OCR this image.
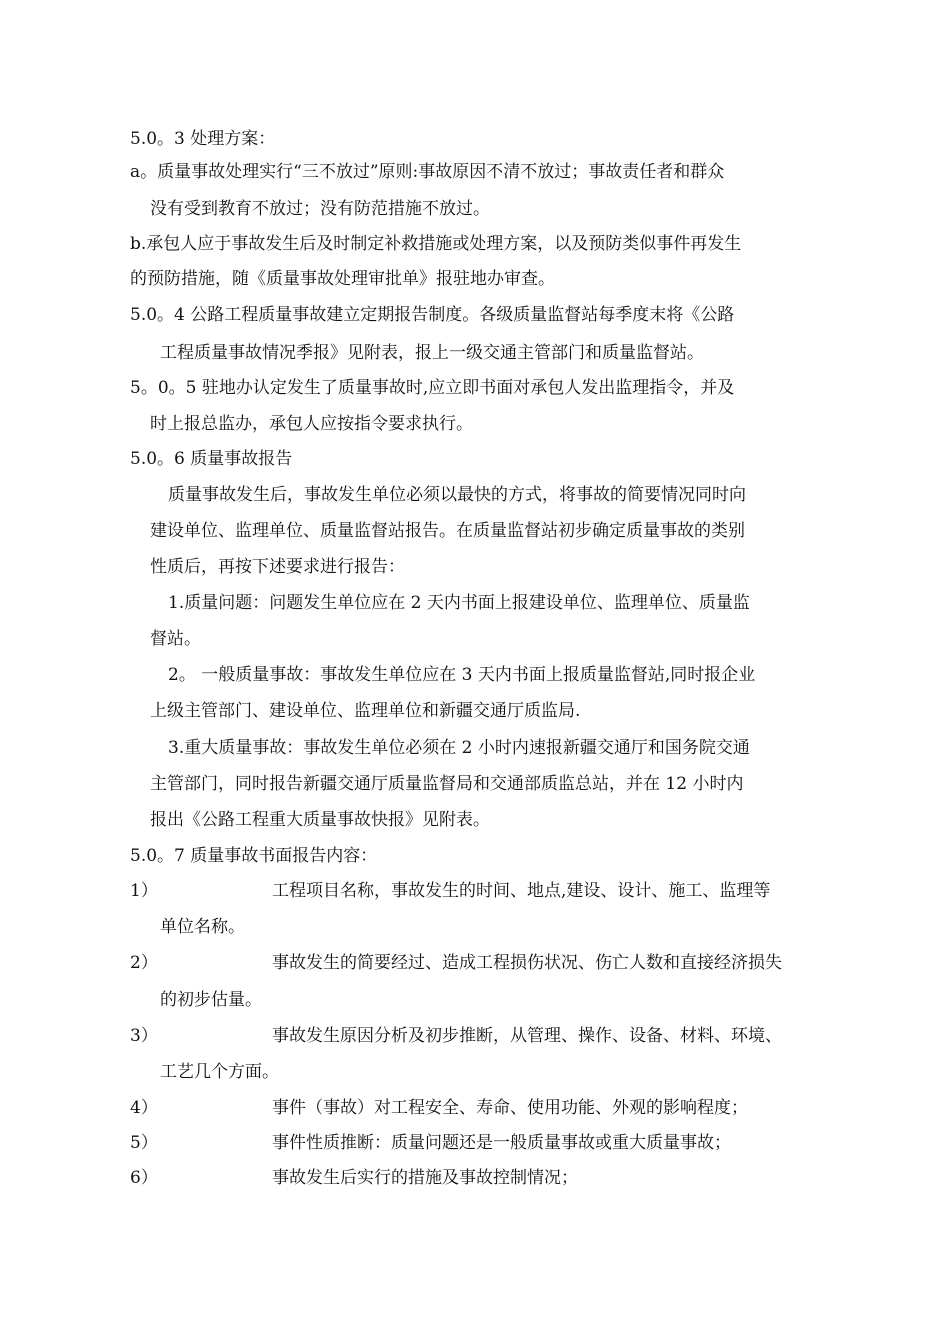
5.0。3 处理方案：
a。质量事故处理实行“三不放过”原则:事故原因不清不放过；事故责任者和群众
没有受到教育不放过；没有防范措施不放过。
b.承包人应于事故发生后及时制定补救措施或处理方案，以及预防类似事件再发生
的预防措施，随《质量事故处理审批单》报驻地办审查。
5.0。4 公路工程质量事故建立定期报告制度。各级质量监督站每季度末将《公路
工程质量事故情况季报》见附表，报上一级交通主管部门和质量监督站。
5。0。5 驻地办认定发生了质量事故时,应立即书面对承包人发出监理指令，并及
时上报总监办，承包人应按指令要求执行。
5.0。6 质量事故报告
质量事故发生后，事故发生单位必须以最快的方式，将事故的简要情况同时向
建设单位、监理单位、质量监督站报告。在质量监督站初步确定质量事故的类别
性质后，再按下述要求进行报告：
1.质量问题：问题发生单位应在 2 天内书面上报建设单位、监理单位、质量监
督站。
2。 一般质量事故：事故发生单位应在 3 天内书面上报质量监督站,同时报企业
上级主管部门、建设单位、监理单位和新疆交通厅质监局.
3.重大质量事故：事故发生单位必须在 2 小时内速报新疆交通厅和国务院交通
主管部门，同时报告新疆交通厅质量监督局和交通部质监总站，并在 12 小时内
报出《公路工程重大质量事故快报》见附表。
5.0。7 质量事故书面报告内容：
1）	工程项目名称，事故发生的时间、地点,建设、设计、施工、监理等
单位名称。
2）	事故发生的简要经过、造成工程损伤状况、伤亡人数和直接经济损失
的初步估量。
3）	事故发生原因分析及初步推断，从管理、操作、设备、材料、环境、
工艺几个方面。
4）	事件（事故）对工程安全、寿命、使用功能、外观的影响程度；
5）	事件性质推断：质量问题还是一般质量事故或重大质量事故；
6）	事故发生后实行的措施及事故控制情况；
